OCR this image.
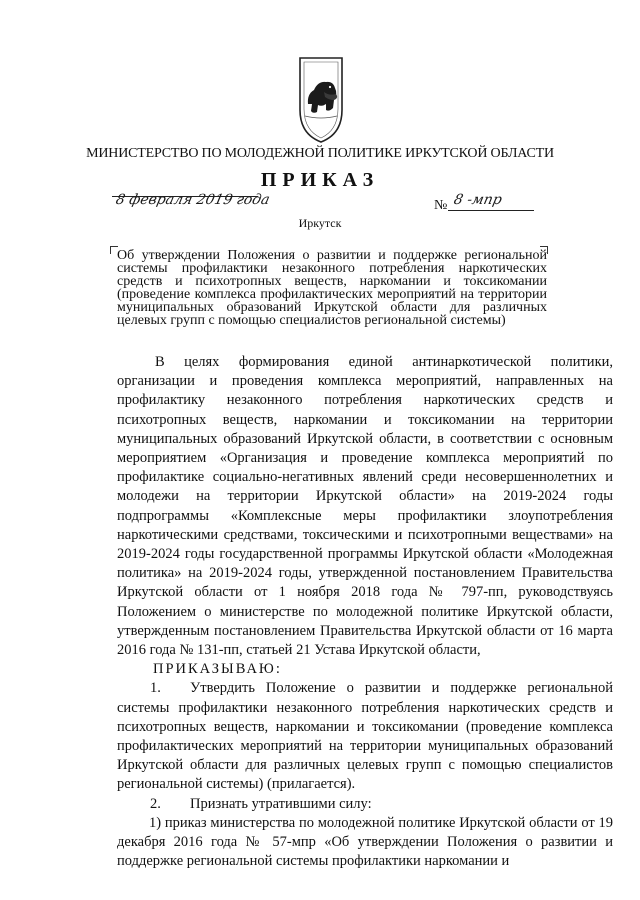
МИНИСТЕРСТВО ПО МОЛОДЕЖНОЙ ПОЛИТИКЕ ИРКУТСКОЙ ОБЛАСТИ
ПРИКАЗ
8 февраля 2019 года	№ 8 -мпр
Иркутск
Об утверждении Положения о развитии и поддержке региональной системы профилактики незаконного потребления наркотических средств и психотропных веществ, наркомании и токсикомании (проведение комплекса профилактических мероприятий на территории муниципальных образований Иркутской области для различных целевых групп с помощью специалистов региональной системы)

В целях формирования единой антинаркотической политики, организации и проведения комплекса мероприятий, направленных на профилактику незаконного потребления наркотических средств и психотропных веществ, наркомании и токсикомании на территории муниципальных образований Иркутской области, в соответствии с основным мероприятием «Организация и проведение комплекса мероприятий по профилактике социально-негативных явлений среди несовершеннолетних и молодежи на территории Иркутской области» на 2019-2024 годы подпрограммы «Комплексные меры профилактики злоупотребления наркотическими средствами, токсическими и психотропными веществами» на 2019-2024 годы государственной программы Иркутской области «Молодежная политика» на 2019-2024 годы, утвержденной постановлением Правительства Иркутской области от 1 ноября 2018 года № 797-пп, руководствуясь Положением о министерстве по молодежной политике Иркутской области, утвержденным постановлением Правительства Иркутской области от 16 марта 2016 года № 131-пп, статьей 21 Устава Иркутской области,

ПРИКАЗЫВАЮ:

1. Утвердить Положение о развитии и поддержке региональной системы профилактики незаконного потребления наркотических средств и психотропных веществ, наркомании и токсикомании (проведение комплекса профилактических мероприятий на территории муниципальных образований Иркутской области для различных целевых групп с помощью специалистов региональной системы) (прилагается).

2. Признать утратившими силу:

1) приказ министерства по молодежной политике Иркутской области от 19 декабря 2016 года № 57-мпр «Об утверждении Положения о развитии и поддержке региональной системы профилактики наркомании и
